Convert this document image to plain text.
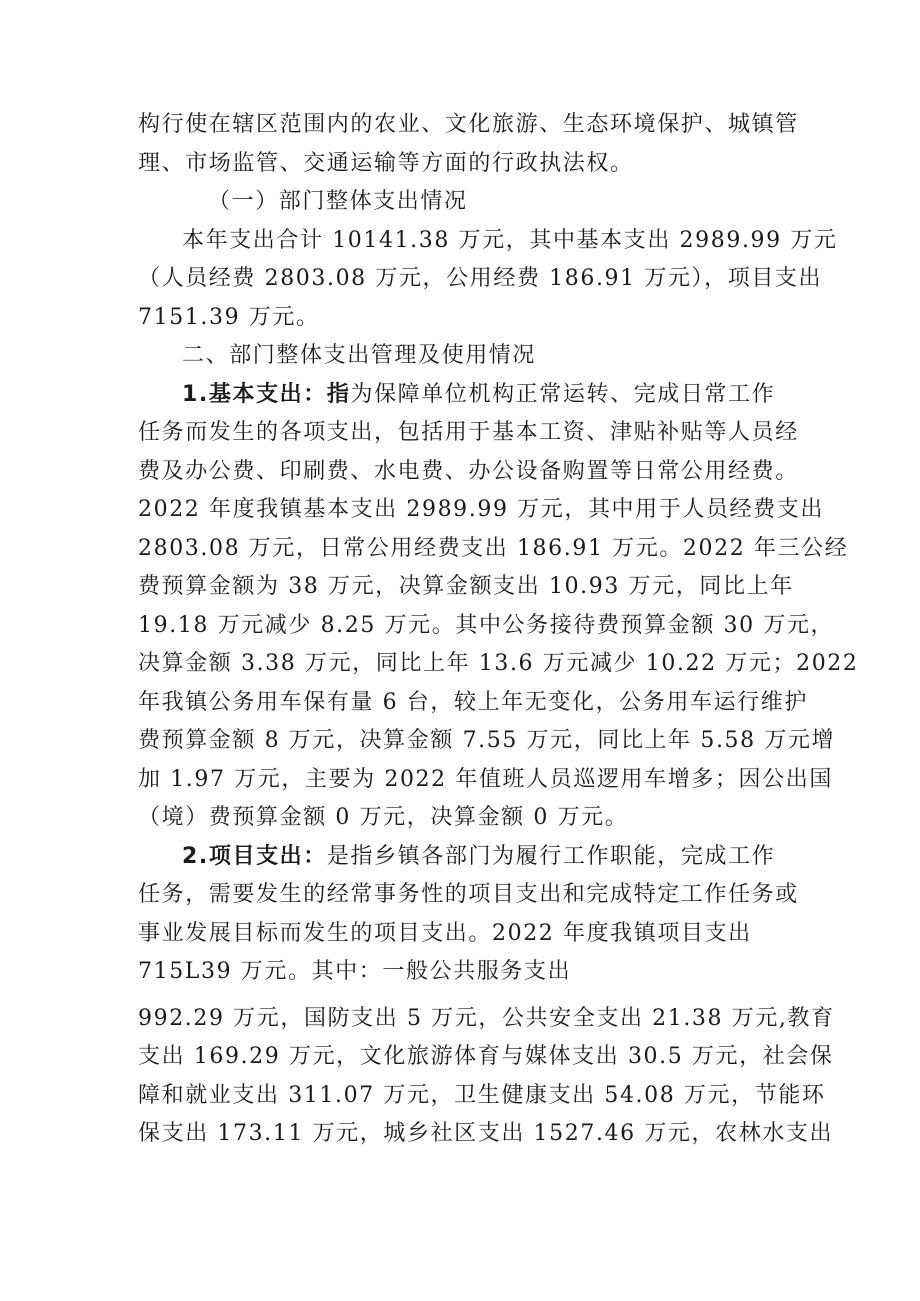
构行使在辖区范围内的农业、文化旅游、生态环境保护、城镇管
理、市场监管、交通运输等方面的行政执法权。
（一）部门整体支出情况
本年支出合计 10141.38 万元，其中基本支出 2989.99 万元
（人员经费 2803.08 万元，公用经费 186.91 万元），项目支出
7151.39 万元。
二、部门整体支出管理及使用情况
1.基本支出：指为保障单位机构正常运转、完成日常工作
任务而发生的各项支出，包括用于基本工资、津贴补贴等人员经
费及办公费、印刷费、水电费、办公设备购置等日常公用经费。
2022 年度我镇基本支出 2989.99 万元，其中用于人员经费支出
2803.08 万元，日常公用经费支出 186.91 万元。2022 年三公经
费预算金额为 38 万元，决算金额支出 10.93 万元，同比上年
19.18 万元减少 8.25 万元。其中公务接待费预算金额 30 万元，
决算金额 3.38 万元，同比上年 13.6 万元减少 10.22 万元；2022
年我镇公务用车保有量 6 台，较上年无变化，公务用车运行维护
费预算金额 8 万元，决算金额 7.55 万元，同比上年 5.58 万元增
加 1.97 万元，主要为 2022 年值班人员巡逻用车增多；因公出国
（境）费预算金额 0 万元，决算金额 0 万元。
2.项目支出：是指乡镇各部门为履行工作职能，完成工作
任务，需要发生的经常事务性的项目支出和完成特定工作任务或
事业发展目标而发生的项目支出。2022 年度我镇项目支出
715L39 万元。其中：一般公共服务支出
992.29 万元，国防支出 5 万元，公共安全支出 21.38 万元,教育
支出 169.29 万元，文化旅游体育与媒体支出 30.5 万元，社会保
障和就业支出 311.07 万元，卫生健康支出 54.08 万元，节能环
保支出 173.11 万元，城乡社区支出 1527.46 万元，农林水支出
